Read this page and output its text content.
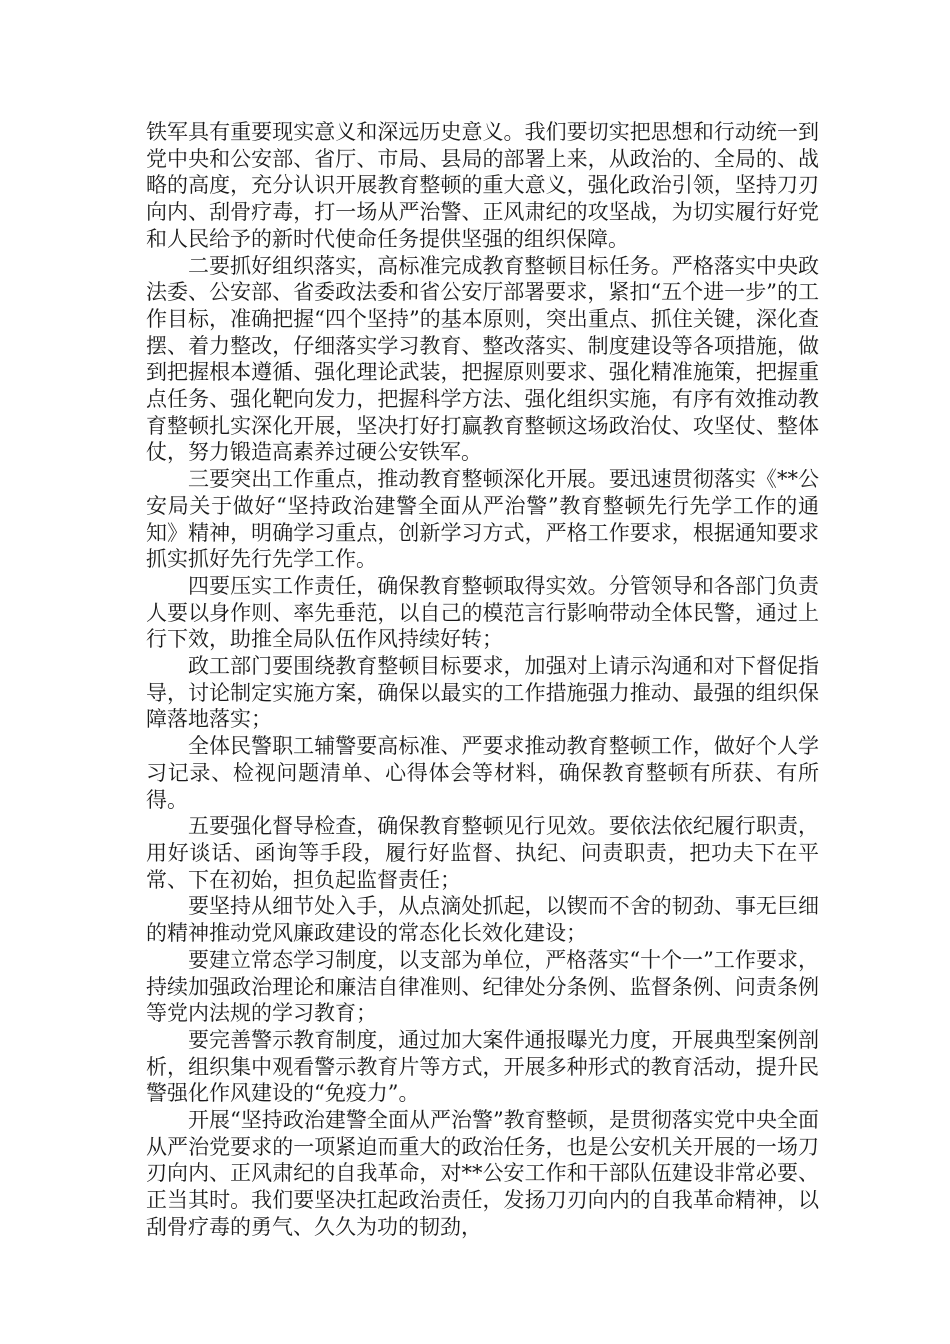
铁军具有重要现实意义和深远历史意义。我们要切实把思想和行动统一到党中央和公安部、省厅、市局、县局的部署上来，从政治的、全局的、战略的高度，充分认识开展教育整顿的重大意义，强化政治引领，坚持刀刃向内、刮骨疗毒，打一场从严治警、正风肃纪的攻坚战，为切实履行好党和人民给予的新时代使命任务提供坚强的组织保障。

二要抓好组织落实，高标准完成教育整顿目标任务。严格落实中央政法委、公安部、省委政法委和省公安厅部署要求，紧扣“五个进一步”的工作目标，准确把握“四个坚持”的基本原则，突出重点、抓住关键，深化查摆、着力整改，仔细落实学习教育、整改落实、制度建设等各项措施，做到把握根本遵循、强化理论武装，把握原则要求、强化精准施策，把握重点任务、强化靶向发力，把握科学方法、强化组织实施，有序有效推动教育整顿扎实深化开展，坚决打好打赢教育整顿这场政治仗、攻坚仗、整体仗，努力锻造高素养过硬公安铁军。

三要突出工作重点，推动教育整顿深化开展。要迅速贯彻落实《**公安局关于做好“坚持政治建警全面从严治警”教育整顿先行先学工作的通知》精神，明确学习重点，创新学习方式，严格工作要求，根据通知要求抓实抓好先行先学工作。

四要压实工作责任，确保教育整顿取得实效。分管领导和各部门负责人要以身作则、率先垂范，以自己的模范言行影响带动全体民警，通过上行下效，助推全局队伍作风持续好转；

政工部门要围绕教育整顿目标要求，加强对上请示沟通和对下督促指导，讨论制定实施方案，确保以最实的工作措施强力推动、最强的组织保障落地落实；

全体民警职工辅警要高标准、严要求推动教育整顿工作，做好个人学习记录、检视问题清单、心得体会等材料，确保教育整顿有所获、有所得。

五要强化督导检查，确保教育整顿见行见效。要依法依纪履行职责，用好谈话、函询等手段，履行好监督、执纪、问责职责，把功夫下在平常、下在初始，担负起监督责任；

要坚持从细节处入手，从点滴处抓起，以锲而不舍的韧劲、事无巨细的精神推动党风廉政建设的常态化长效化建设；

要建立常态学习制度，以支部为单位，严格落实“十个一”工作要求，持续加强政治理论和廉洁自律准则、纪律处分条例、监督条例、问责条例等党内法规的学习教育；

要完善警示教育制度，通过加大案件通报曝光力度，开展典型案例剖析，组织集中观看警示教育片等方式，开展多种形式的教育活动，提升民警强化作风建设的“免疫力”。

开展“坚持政治建警全面从严治警”教育整顿，是贯彻落实党中央全面从严治党要求的一项紧迫而重大的政治任务，也是公安机关开展的一场刀刃向内、正风肃纪的自我革命，对**公安工作和干部队伍建设非常必要、正当其时。我们要坚决扛起政治责任，发扬刀刃向内的自我革命精神，以刮骨疗毒的勇气、久久为功的韧劲，
